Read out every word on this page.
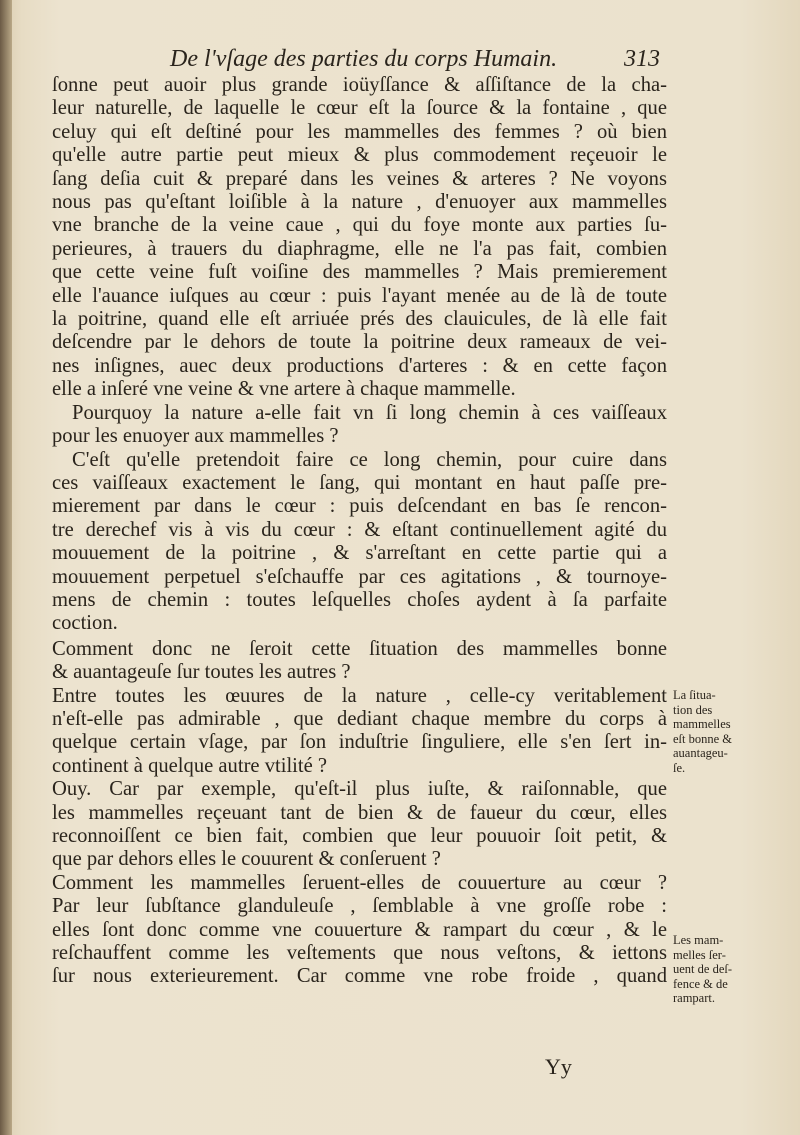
De l'vſage des parties du corps Humain.	313
ſonne peut auoir plus grande ioüyſſance & aſſiſtance de la cha-
leur naturelle, de laquelle le cœur eſt la ſource & la fontaine , que
celuy qui eſt deſtiné pour les mammelles des femmes ? où bien
qu'elle autre partie peut mieux & plus commodement reçeuoir le
ſang deſia cuit & preparé dans les veines & arteres ? Ne voyons
nous pas qu'eſtant loiſible à la nature , d'enuoyer aux mammelles
vne branche de la veine caue , qui du foye monte aux parties ſu-
perieures, à trauers du diaphragme, elle ne l'a pas fait, combien
que cette veine fuſt voiſine des mammelles ? Mais premierement
elle l'auance iuſques au cœur : puis l'ayant menée au de là de toute
la poitrine, quand elle eſt arriuée prés des clauicules, de là elle fait
deſcendre par le dehors de toute la poitrine deux rameaux de vei-
nes inſignes, auec deux productions d'arteres : & en cette façon
elle a inſeré vne veine & vne artere à chaque mammelle.
Pourquoy la nature a-elle fait vn ſi long chemin à ces vaiſſeaux
pour les enuoyer aux mammelles ?
C'eſt qu'elle pretendoit faire ce long chemin, pour cuire dans
ces vaiſſeaux exactement le ſang, qui montant en haut paſſe pre-
mierement par dans le cœur : puis deſcendant en bas ſe rencon-
tre derechef vis à vis du cœur : & eſtant continuellement agité du
mouuement de la poitrine , & s'arreſtant en cette partie qui a
mouuement perpetuel s'eſchauffe par ces agitations , & tournoye-
mens de chemin : toutes leſquelles choſes aydent à ſa parfaite
coction.
Comment donc ne ſeroit cette ſituation des mammelles bonne
& auantageuſe ſur toutes les autres ?
Entre toutes les œuures de la nature , celle-cy veritablement
n'eſt-elle pas admirable , que dediant chaque membre du corps à
quelque certain vſage, par ſon induſtrie ſinguliere, elle s'en ſert in-
continent à quelque autre vtilité ?
Ouy. Car par exemple, qu'eſt-il plus iuſte, & raiſonnable, que
les mammelles reçeuant tant de bien & de faueur du cœur, elles
reconnoiſſent ce bien fait, combien que leur pouuoir ſoit petit, &
que par dehors elles le couurent & conſeruent ?
Comment les mammelles ſeruent-elles de couuerture au cœur ?
Par leur ſubſtance glanduleuſe , ſemblable à vne groſſe robe :
elles ſont donc comme vne couuerture & rampart du cœur , & le
reſchauffent comme les veſtements que nous veſtons, & iettons
ſur nous exterieurement. Car comme vne robe froide , quand
La ſitua-
tion des
mammelles
eſt bonne &
auantageu-
ſe.
Les mam-
melles ſer-
uent de deſ-
fence & de
rampart.
Yy
